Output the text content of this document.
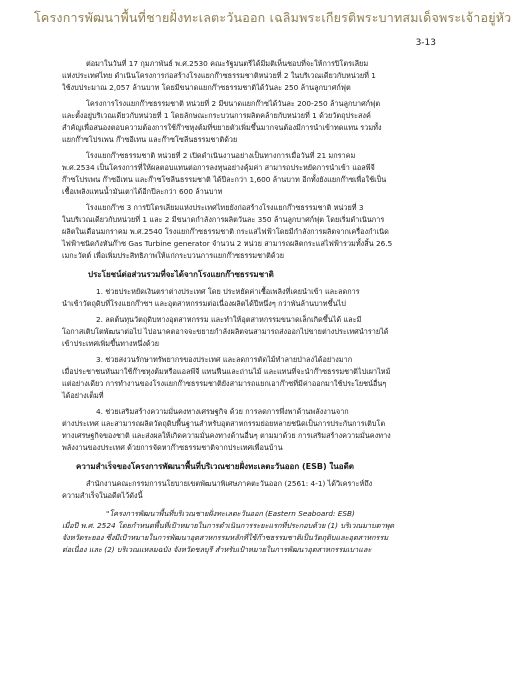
โครงการพัฒนาพื้นที่ชายฝั่งทะเลตะวันออก เฉลิมพระเกียรติพระบาทสมเด็จพระเจ้าอยู่หัว
3-13

ต่อมาในวันที่ 17 กุมภาพันธ์ พ.ศ.2530 คณะรัฐมนตรีได้มีมติเห็นชอบที่จะให้การปิโตรเลียม
แห่งประเทศไทย ดำเนินโครงการก่อสร้างโรงแยกก๊าซธรรมชาติหน่วยที่ 2 ในบริเวณเดียวกับหน่วยที่ 1
ใช้งบประมาณ 2,057 ล้านบาท โดยมีขนาดแยกก๊าซธรรมชาติได้วันละ 250 ล้านลูกบาศก์ฟุต

โครงการโรงแยกก๊าซธรรมชาติ หน่วยที่ 2 มีขนาดแยกก๊าซได้วันละ 200-250 ล้านลูกบาศก์ฟุต
และตั้งอยู่บริเวณเดียวกับหน่วยที่ 1 โดยลักษณะกระบวนการผลิตคล้ายกับหน่วยที่ 1 ด้วยวัตถุประสงค์
สำคัญเพื่อสนองตอบความต้องการใช้ก๊าซหุงต้มที่ขยายตัวเพิ่มขึ้นมากจนต้องมีการนำเข้าทดแทน รวมทั้ง
แยกก๊าซโปรเพน ก๊าซอีเทน และก๊าซโซลีนธรรมชาติด้วย

โรงแยกก๊าซธรรมชาติ หน่วยที่ 2 เปิดดำเนินงานอย่างเป็นทางการเมื่อวันที่ 21 มกราคม
พ.ศ.2534 เป็นโครงการที่ให้ผลตอบแทนต่อการลงทุนอย่างคุ้มค่า สามารถประหยัดการนำเข้า แอลพีจี
ก๊าซโปรเพน ก๊าซอีเทน และก๊าซโซลีนธรรมชาติ ได้ปีละกว่า 1,600 ล้านบาท อีกทั้งยังแยกก๊าซเพื่อใช้เป็น
เชื้อเพลิงแทนน้ำมันเตาได้อีกปีละกว่า 600 ล้านบาท

โรงแยกก๊าซ 3 การปิโตรเลียมแห่งประเทศไทยยังก่อสร้างโรงแยกก๊าซธรรมชาติ หน่วยที่ 3
ในบริเวณเดียวกับหน่วยที่ 1 และ 2 มีขนาดกำลังการผลิตวันละ 350 ล้านลูกบาศก์ฟุต โดยเริ่มดำเนินการ
ผลิตในเดือนมกราคม พ.ศ.2540 โรงแยกก๊าซธรรมชาติ กระแสไฟฟ้าโดยมีกำลังการผลิตจากเครื่องกำเนิด
ไฟฟ้าชนิดกังหันก๊าซ Gas Turbine generator จำนวน 2 หน่วย สามารถผลิตกระแสไฟฟ้ารวมทั้งสิ้น 26.5
เมกะวัตต์ เพื่อเพิ่มประสิทธิภาพให้แก่กระบวนการแยกก๊าซธรรมชาติด้วย

ประโยชน์ต่อส่วนรวมที่จะได้จากโรงแยกก๊าซธรรมชาติ

1. ช่วยประหยัดเงินตราต่างประเทศ โดย ประหยัดค่าเชื้อเพลิงที่เคยนำเข้า และลดการ
นำเข้าวัตถุดิบที่โรงแยกก๊าซฯ และอุตสาหกรรมต่อเนื่องผลิตได้ปีหนึ่งๆ กว่าพันล้านบาทขึ้นไป

2. ลดต้นทุนวัตถุดิบทางอุตสาหกรรม และทำให้อุตสาหกรรมขนาดเล็กเกิดขึ้นได้ และมี
โอกาสเติบโตพัฒนาต่อไป ไปอนาคตอาจจะขยายกำลังผลิตจนสามารถส่งออกไปขายต่างประเทศนำรายได้
เข้าประเทศเพิ่มขึ้นทางหนึ่งด้วย

3. ช่วยสงวนรักษาทรัพยากรของประเทศ และลดการตัดไม้ทำลายป่าลงได้อย่างมาก
เมื่อประชาชนหันมาใช้ก๊าซหุงต้มหรือแอลพีจี แทนฟืนและถ่านไม้ และแทนที่จะนำก๊าซธรรมชาติไปเผาไหม้
แต่อย่างเดียว การทำงานของโรงแยกก๊าซธรรมชาติยังสามารถแยกเอาก๊าซที่มีค่าออกมาใช้ประโยชน์อื่นๆ
ได้อย่างเต็มที่

4. ช่วยเสริมสร้างความมั่นคงทางเศรษฐกิจ ด้วย การลดการพึ่งพาด้านพลังงานจาก
ต่างประเทศ และสามารถผลิตวัตถุดิบพื้นฐานสำหรับอุตสาหกรรมย่อยหลายชนิดเป็นการประกันการเติบโต
ทางเศรษฐกิจของชาติ และส่งผลให้เกิดความมั่นคงทางด้านอื่นๆ ตามมาด้วย การเสริมสร้างความมั่นคงทาง
พลังงานของประเทศ ด้วยการจัดหาก๊าซธรรมชาติจากประเทศเพื่อนบ้าน

ความสำเร็จของโครงการพัฒนาพื้นที่บริเวณชายฝั่งทะเลตะวันออก (ESB) ในอดีต

สำนักงานคณะกรรมการนโยบายเขตพัฒนาพิเศษภาคตะวันออก (2561: 4-1) ได้วิเคราะห์ถึง
ความสำเร็จในอดีตไว้ดังนี้

"โครงการพัฒนาพื้นที่บริเวณชายฝั่งทะเลตะวันออก (Eastern Seaboard: ESB)
เมื่อปี พ.ศ. 2524 โดยกำหนดพื้นที่เป้าหมายในการดำเนินการระยะแรกที่ประกอบด้วย (1) บริเวณมาบตาพุด
จังหวัดระยอง ซึ่งมีเป้าหมายในการพัฒนาอุตสาหกรรมหลักที่ใช้ก๊าซธรรมชาติเป็นวัตถุดิบและอุตสาหกรรม
ต่อเนื่อง และ (2) บริเวณแหลมฉบัง จังหวัดชลบุรี สำหรับเป้าหมายในการพัฒนาอุตสาหกรรมเบาและ
